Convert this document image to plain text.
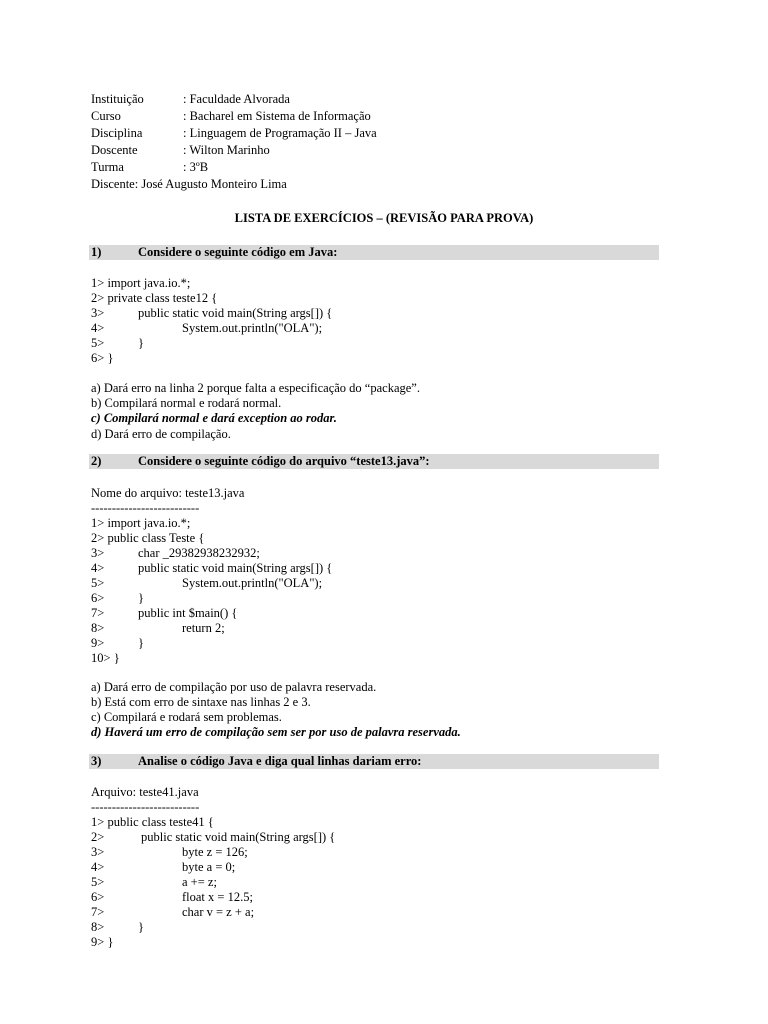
Instituição	: Faculdade Alvorada
Curso	: Bacharel em Sistema de Informação
Disciplina	: Linguagem de Programação II – Java
Doscente	: Wilton Marinho
Turma	: 3ºB
Discente: José Augusto Monteiro Lima
LISTA DE EXERCÍCIOS – (REVISÃO PARA PROVA)
1)	Considere o seguinte código em Java:
1> import java.io.*;
2> private class teste12 {
3>	public static void main(String args[]) {
4>	System.out.println("OLA");
5>	}
6> }
a) Dará erro na linha 2 porque falta a especificação do “package”.
b) Compilará normal e rodará normal.
c) Compilará normal e dará exception ao rodar.
d) Dará erro de compilação.
2)	Considere o seguinte código do arquivo “teste13.java”:
Nome do arquivo: teste13.java
--------------------------
1> import java.io.*;
2> public class Teste {
3>	char _29382938232932;
4>	public static void main(String args[]) {
5>	System.out.println("OLA");
6>	}
7>	public int $main() {
8>	return 2;
9>	}
10> }
a) Dará erro de compilação por uso de palavra reservada.
b) Está com erro de sintaxe nas linhas 2 e 3.
c) Compilará e rodará sem problemas.
d) Haverá um erro de compilação sem ser por uso de palavra reservada.
3)	Analise o código Java e diga qual linhas dariam erro:
Arquivo: teste41.java
--------------------------
1> public class teste41 {
2>	public static void main(String args[]) {
3>	byte z = 126;
4>	byte a = 0;
5>	a += z;
6>	float x = 12.5;
7>	char v = z + a;
8>	}
9> }
